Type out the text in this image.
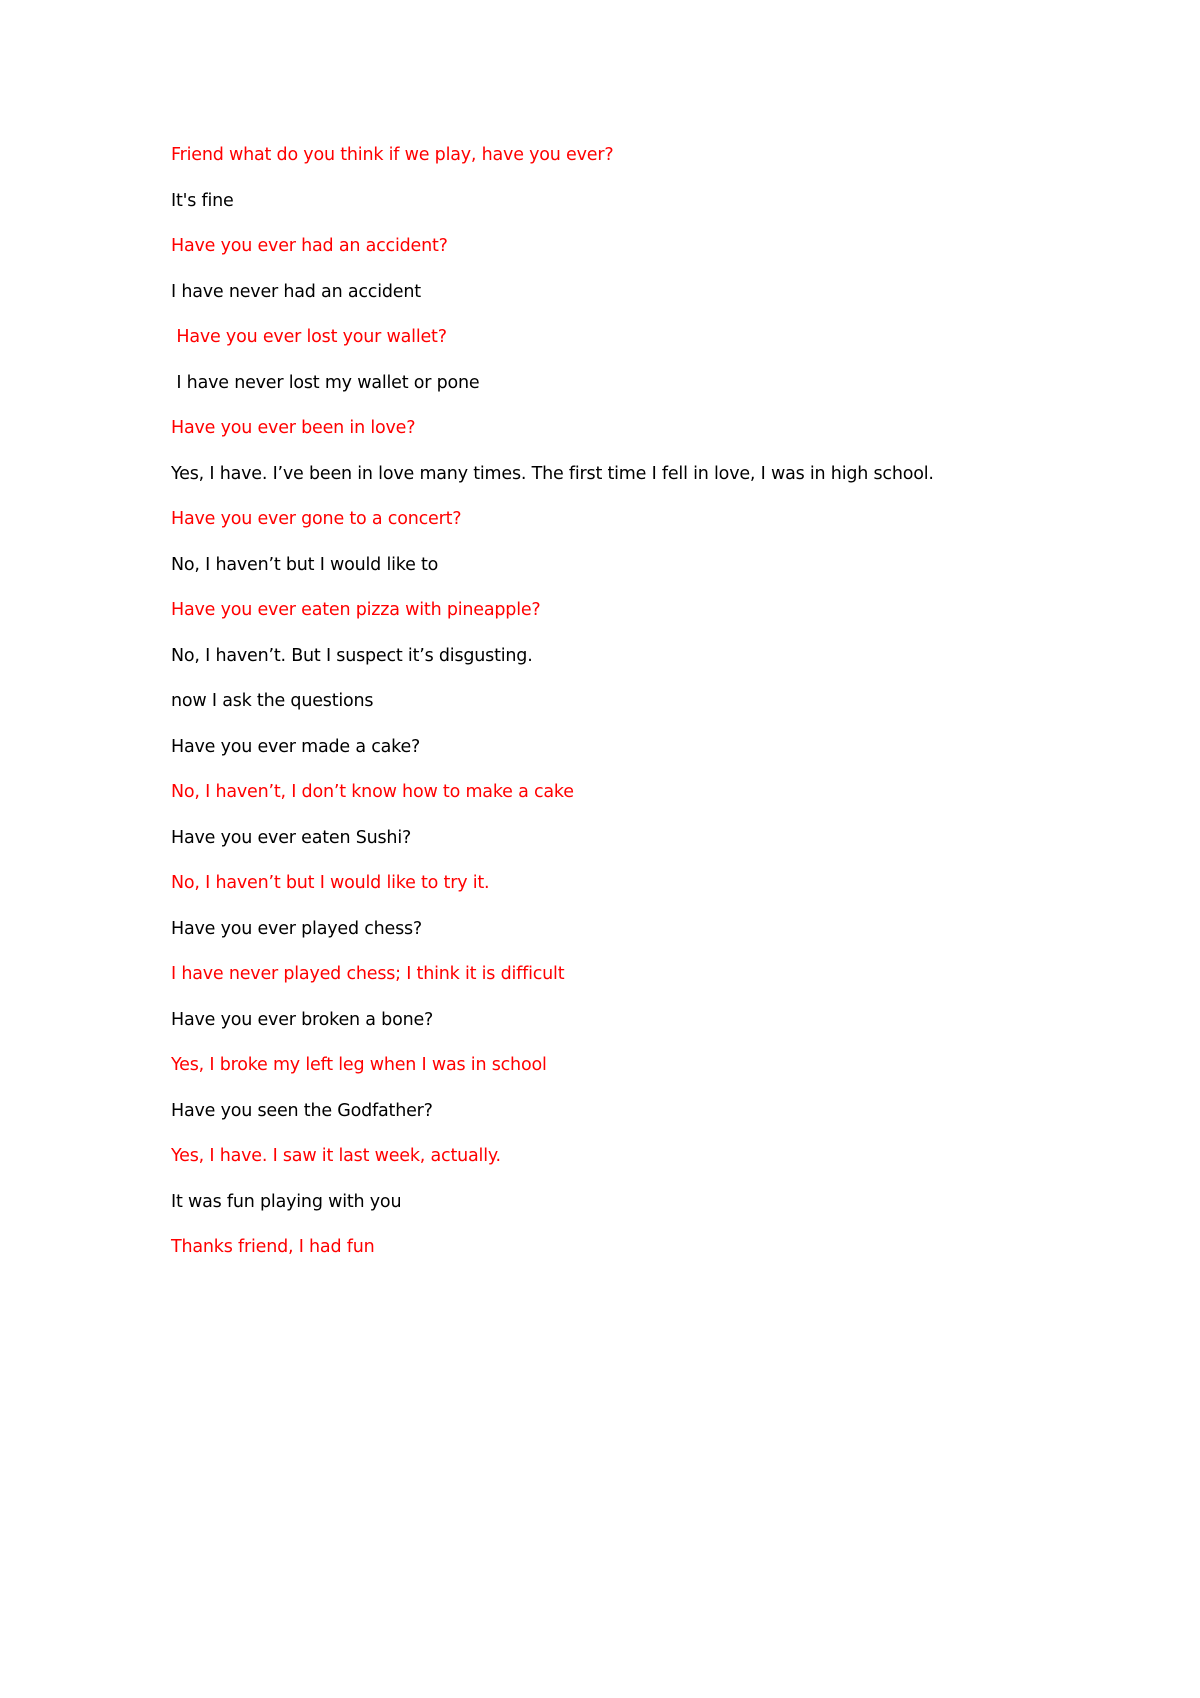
Friend what do you think if we play, have you ever?
It's fine
Have you ever had an accident?
I have never had an accident
Have you ever lost your wallet?
I have never lost my wallet or pone
Have you ever been in love?
Yes, I have. I’ve been in love many times. The first time I fell in love, I was in high school.
Have you ever gone to a concert?
No, I haven’t but I would like to
Have you ever eaten pizza with pineapple?
No, I haven’t. But I suspect it’s disgusting.
now I ask the questions
Have you ever made a cake?
No, I haven’t, I don’t know how to make a cake
Have you ever eaten Sushi?
No, I haven’t but I would like to try it.
Have you ever played chess?
I have never played chess; I think it is difficult
Have you ever broken a bone?
Yes, I broke my left leg when I was in school
Have you seen the Godfather?
Yes, I have. I saw it last week, actually.
It was fun playing with you
Thanks friend, I had fun
